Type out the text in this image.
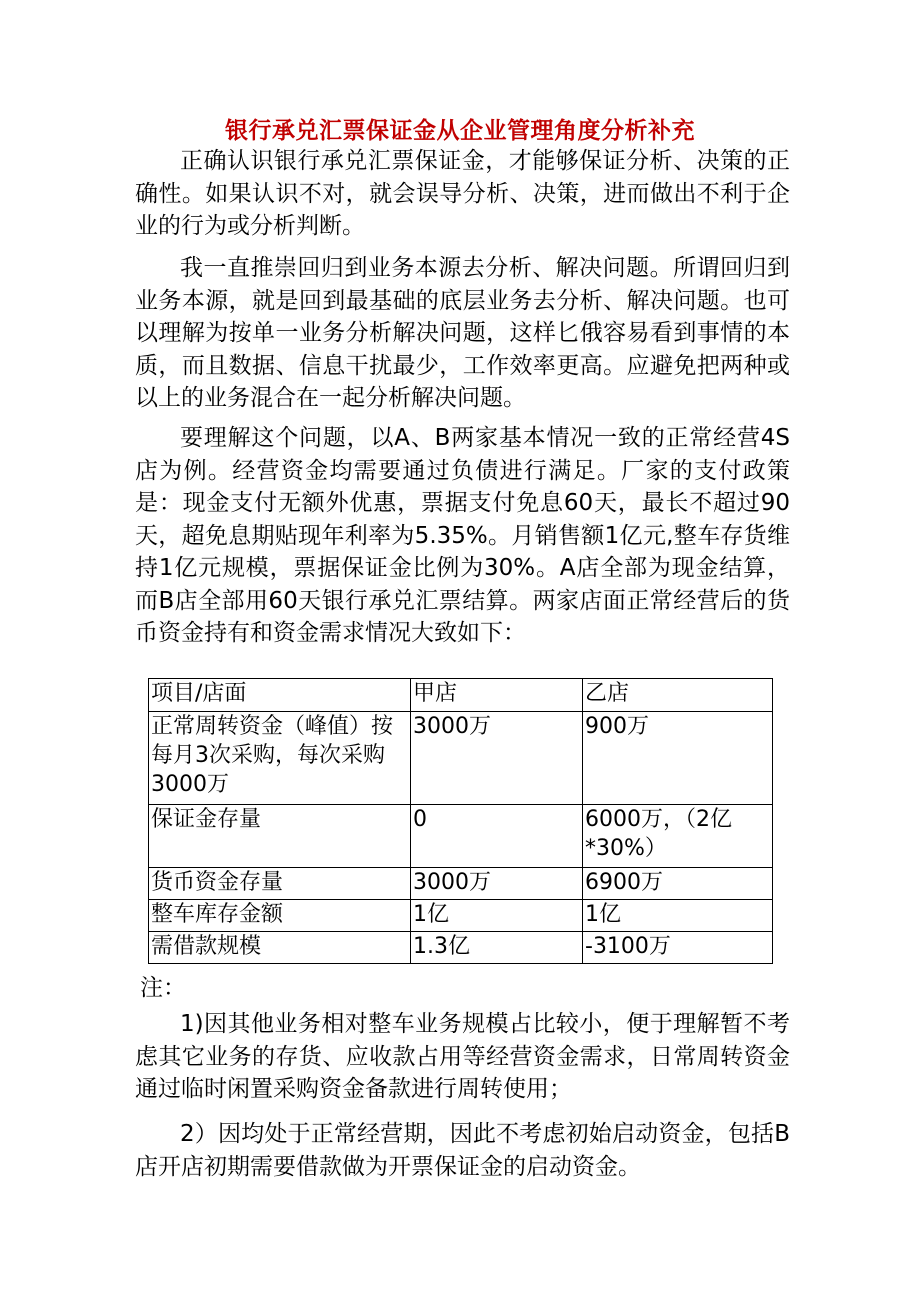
银行承兑汇票保证金从企业管理角度分析补充

正确认识银行承兑汇票保证金，才能够保证分析、决策的正确性。如果认识不对，就会误导分析、决策，进而做出不利于企业的行为或分析判断。

我一直推崇回归到业务本源去分析、解决问题。所谓回归到业务本源，就是回到最基础的底层业务去分析、解决问题。也可以理解为按单一业务分析解决问题，这样匕俄容易看到事情的本质，而且数据、信息干扰最少，工作效率更高。应避免把两种或以上的业务混合在一起分析解决问题。

要理解这个问题，以A、B两家基本情况一致的正常经营4S店为例。经营资金均需要通过负债进行满足。厂家的支付政策是：现金支付无额外优惠，票据支付免息60天，最长不超过90天，超免息期贴现年利率为5.35%。月销售额1亿元,整车存货维持1亿元规模，票据保证金比例为30%。A店全部为现金结算，而B店全部用60天银行承兑汇票结算。两家店面正常经营后的货币资金持有和资金需求情况大致如下：

项目/店面	甲店	乙店
正常周转资金（峰值）按每月3次采购，每次采购3000万	3000万	900万
保证金存量	0	6000万，（2亿*30%）
货币资金存量	3000万	6900万
整车库存金额	1亿	1亿
需借款规模	1.3亿	-3100万
注：

1)因其他业务相对整车业务规模占比较小，便于理解暂不考虑其它业务的存货、应收款占用等经营资金需求，日常周转资金通过临时闲置采购资金备款进行周转使用；

2）因均处于正常经营期，因此不考虑初始启动资金，包括B店开店初期需要借款做为开票保证金的启动资金。
